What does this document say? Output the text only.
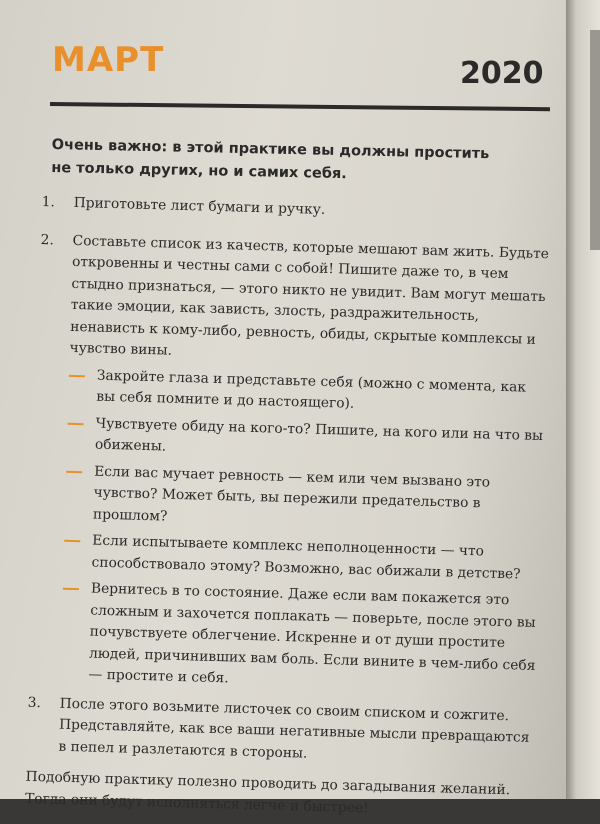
МАРТ	2020
Очень важно: в этой практике вы должны простить не только других, но и самих себя.
1. Приготовьте лист бумаги и ручку.
2. Составьте список из качеств, которые мешают вам жить. Будьте откровенны и честны сами с собой! Пишите даже то, в чем стыдно признаться, — этого никто не увидит. Вам могут мешать такие эмоции, как зависть, злость, раздражительность, ненависть к кому-либо, ревность, обиды, скрытые комплексы и чувство вины.
Закройте глаза и представьте себя (можно с момента, как вы себя помните и до настоящего).
Чувствуете обиду на кого-то? Пишите, на кого или на что вы обижены.
Если вас мучает ревность — кем или чем вызвано это чувство? Может быть, вы пережили предательство в прошлом?
Если испытываете комплекс неполноценности — что способствовало этому? Возможно, вас обижали в детстве?
Вернитесь в то состояние. Даже если вам покажется это сложным и захочется поплакать — поверьте, после этого вы почувствуете облегчение. Искренне и от души простите людей, причинивших вам боль. Если вините в чем-либо себя — простите и себя.
3. После этого возьмите листочек со своим списком и сожгите. Представляйте, как все ваши негативные мысли превращаются в пепел и разлетаются в стороны.
Подобную практику полезно проводить до загадывания желаний. Тогда они будут исполняться легче и быстрее!
